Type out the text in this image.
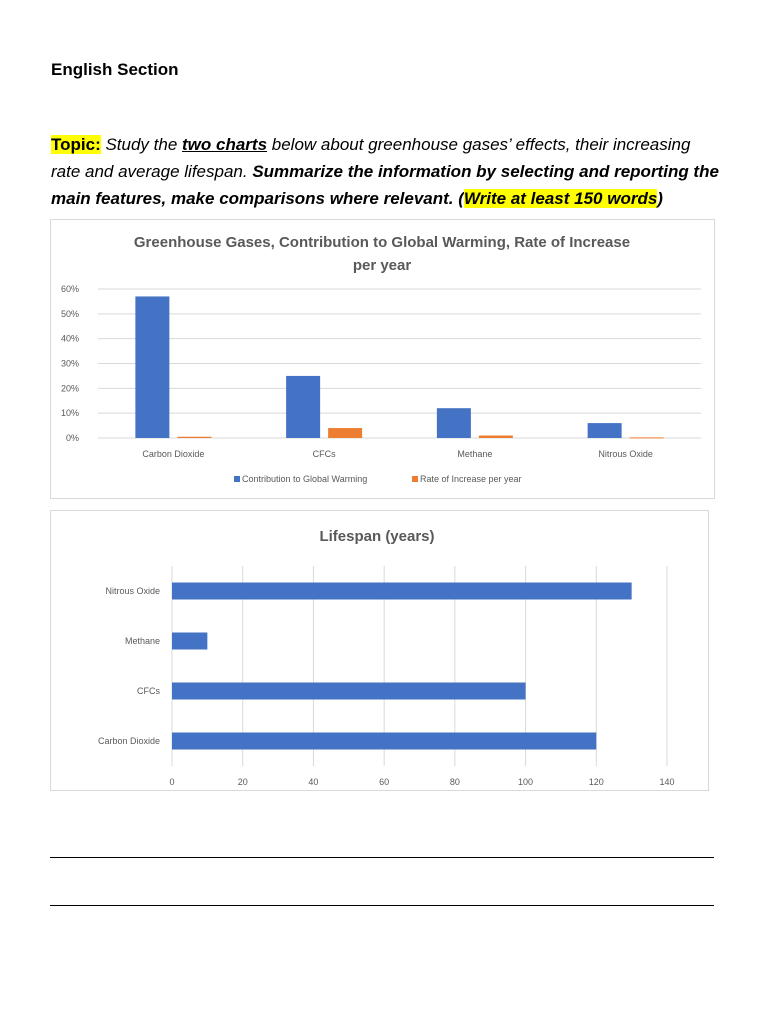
English Section

Topic: Study the two charts below about greenhouse gases’ effects, their increasing rate and average lifespan. Summarize the information by selecting and reporting the main features, make comparisons where relevant. (Write at least 150 words)

Greenhouse Gases, Contribution to Global Warming, Rate of Increase
per year
0%
10%
20%
30%
40%
50%
60%
Carbon Dioxide	CFCs	Methane	Nitrous Oxide
Contribution to Global Warming	Rate of Increase per year
Lifespan (years)
0	20	40	60	80	100	120	140
Carbon Dioxide
CFCs
Methane
Nitrous Oxide
